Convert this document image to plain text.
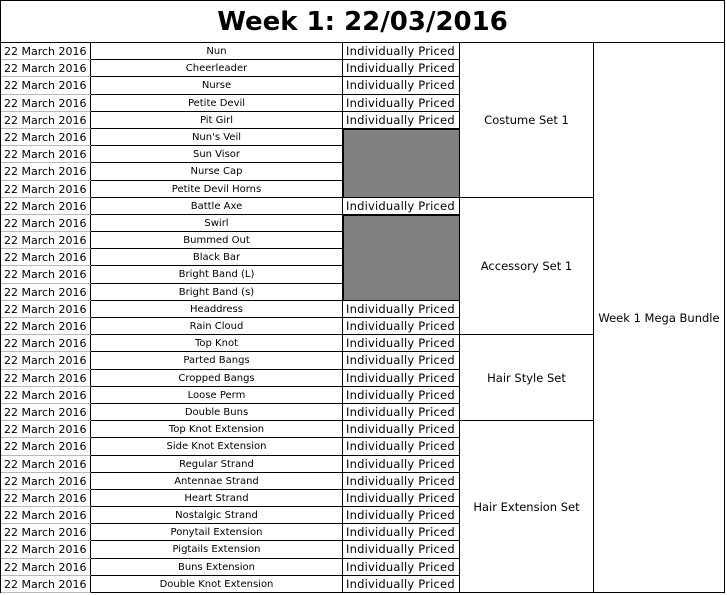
Week 1: 22/03/2016
Week 1 Mega Bundle
22 March 2016	Nun	Individually Priced
22 March 2016	Cheerleader	Individually Priced
22 March 2016	Nurse	Individually Priced
22 March 2016	Petite Devil	Individually Priced
22 March 2016	Pit Girl	Individually Priced
22 March 2016	Nun's Veil
22 March 2016	Sun Visor
22 March 2016	Nurse Cap
22 March 2016	Petite Devil Horns
22 March 2016	Battle Axe	Individually Priced
22 March 2016	Swirl
22 March 2016	Bummed Out
22 March 2016	Black Bar
22 March 2016	Bright Band (L)
22 March 2016	Bright Band (s)
22 March 2016	Headdress	Individually Priced
22 March 2016	Rain Cloud	Individually Priced
22 March 2016	Top Knot	Individually Priced
22 March 2016	Parted Bangs	Individually Priced
22 March 2016	Cropped Bangs	Individually Priced
22 March 2016	Loose Perm	Individually Priced
22 March 2016	Double Buns	Individually Priced
22 March 2016	Top Knot Extension	Individually Priced
22 March 2016	Side Knot Extension	Individually Priced
22 March 2016	Regular Strand	Individually Priced
22 March 2016	Antennae Strand	Individually Priced
22 March 2016	Heart Strand	Individually Priced
22 March 2016	Nostalgic Strand	Individually Priced
22 March 2016	Ponytail Extension	Individually Priced
22 March 2016	Pigtails Extension	Individually Priced
22 March 2016	Buns Extension	Individually Priced
22 March 2016	Double Knot Extension	Individually Priced
Costume Set 1
Accessory Set 1
Hair Style Set
Hair Extension Set
